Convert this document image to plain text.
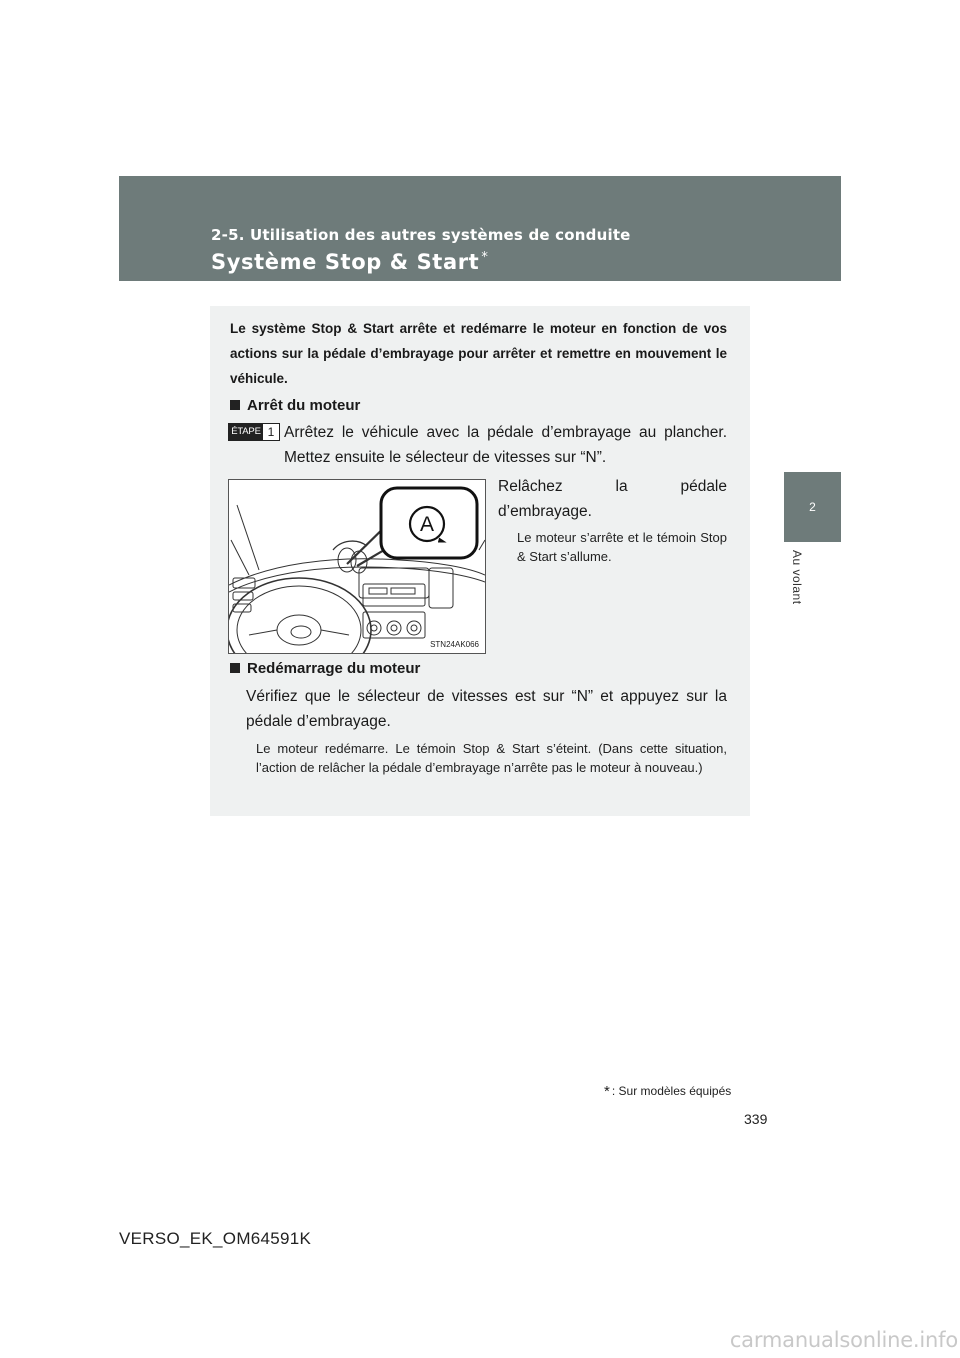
2-5. Utilisation des autres systèmes de conduite
Système Stop & Start *
2
Au volant
Le système Stop & Start arrête et redémarre le moteur en fonction de vos actions sur la pédale d’embrayage pour arrêter et remettre en mouvement le véhicule.
Arrêt du moteur
ÉTAPE 1 Arrêtez le véhicule avec la pédale d’embrayage au plancher. Mettez ensuite le sélecteur de vitesses sur “N”.
A
STN24AK066
Relâchez la pédale d’embrayage.
Le moteur s’arrête et le témoin Stop & Start s’allume.
Redémarrage du moteur
Vérifiez que le sélecteur de vitesses est sur “N” et appuyez sur la pédale d’embrayage.
Le moteur redémarre. Le témoin Stop & Start s’éteint. (Dans cette situation, l’action de relâcher la pédale d’embrayage n’arrête pas le moteur à nouveau.)
* : Sur modèles équipés
339
VERSO_EK_OM64591K
carmanualsonline.info
